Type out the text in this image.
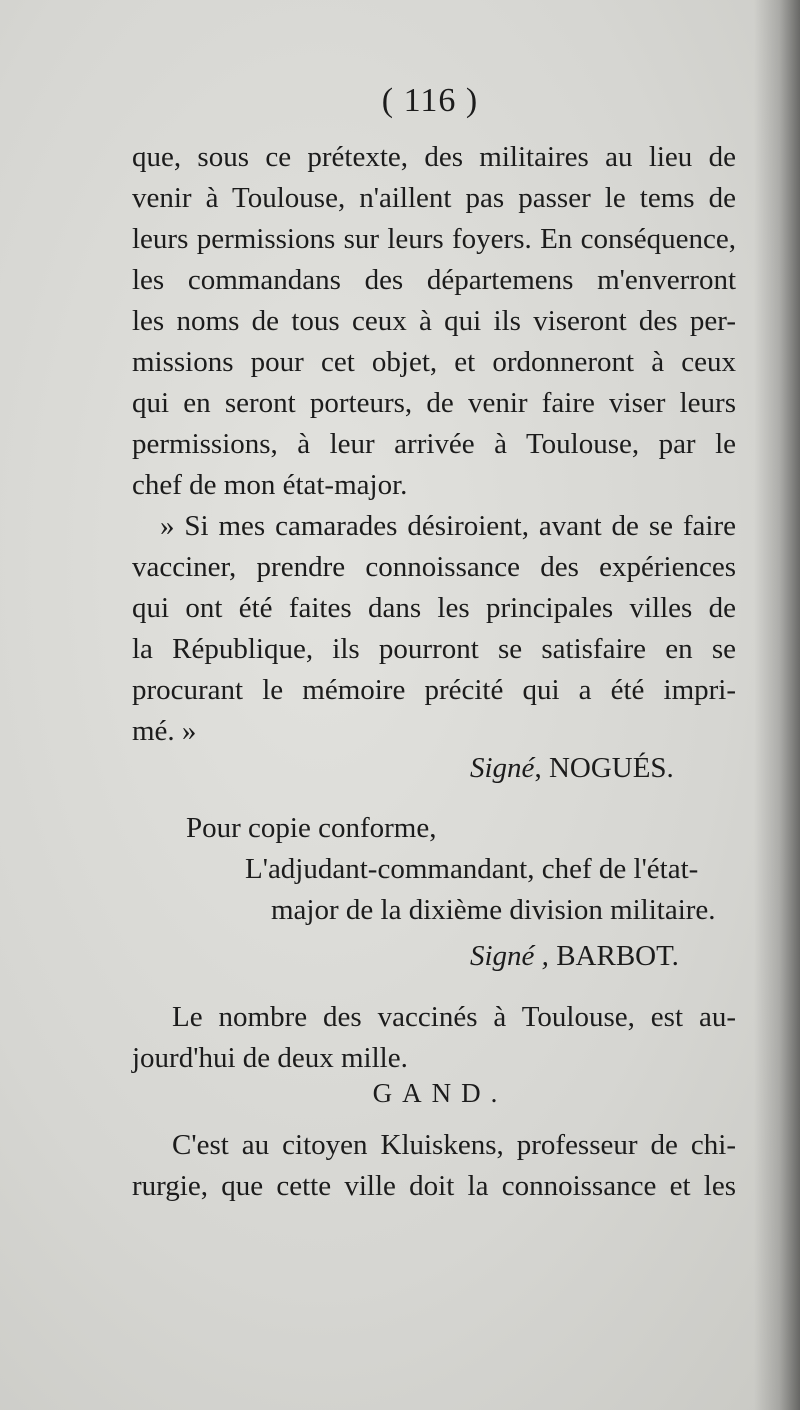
( 116 )
que, sous ce prétexte, des militaires au lieu de
venir à Toulouse, n'aillent pas passer le tems de
leurs permissions sur leurs foyers. En conséquence,
les commandans des départemens m'enverront
les noms de tous ceux à qui ils viseront des per-
missions pour cet objet, et ordonneront à ceux
qui en seront porteurs, de venir faire viser leurs
permissions, à leur arrivée à Toulouse, par le
chef de mon état-major.
» Si mes camarades désiroient, avant de se faire
vacciner, prendre connoissance des expériences
qui ont été faites dans les principales villes de
la République, ils pourront se satisfaire en se
procurant le mémoire précité qui a été impri-
mé. »
Signé, NOGUÉS.
Pour copie conforme,
L'adjudant-commandant, chef de l'état-
major de la dixième division militaire.
Signé , BARBOT.
Le nombre des vaccinés à Toulouse, est au-
jourd'hui de deux mille.
GAND.
C'est au citoyen Kluiskens, professeur de chi-
rurgie, que cette ville doit la connoissance et les
